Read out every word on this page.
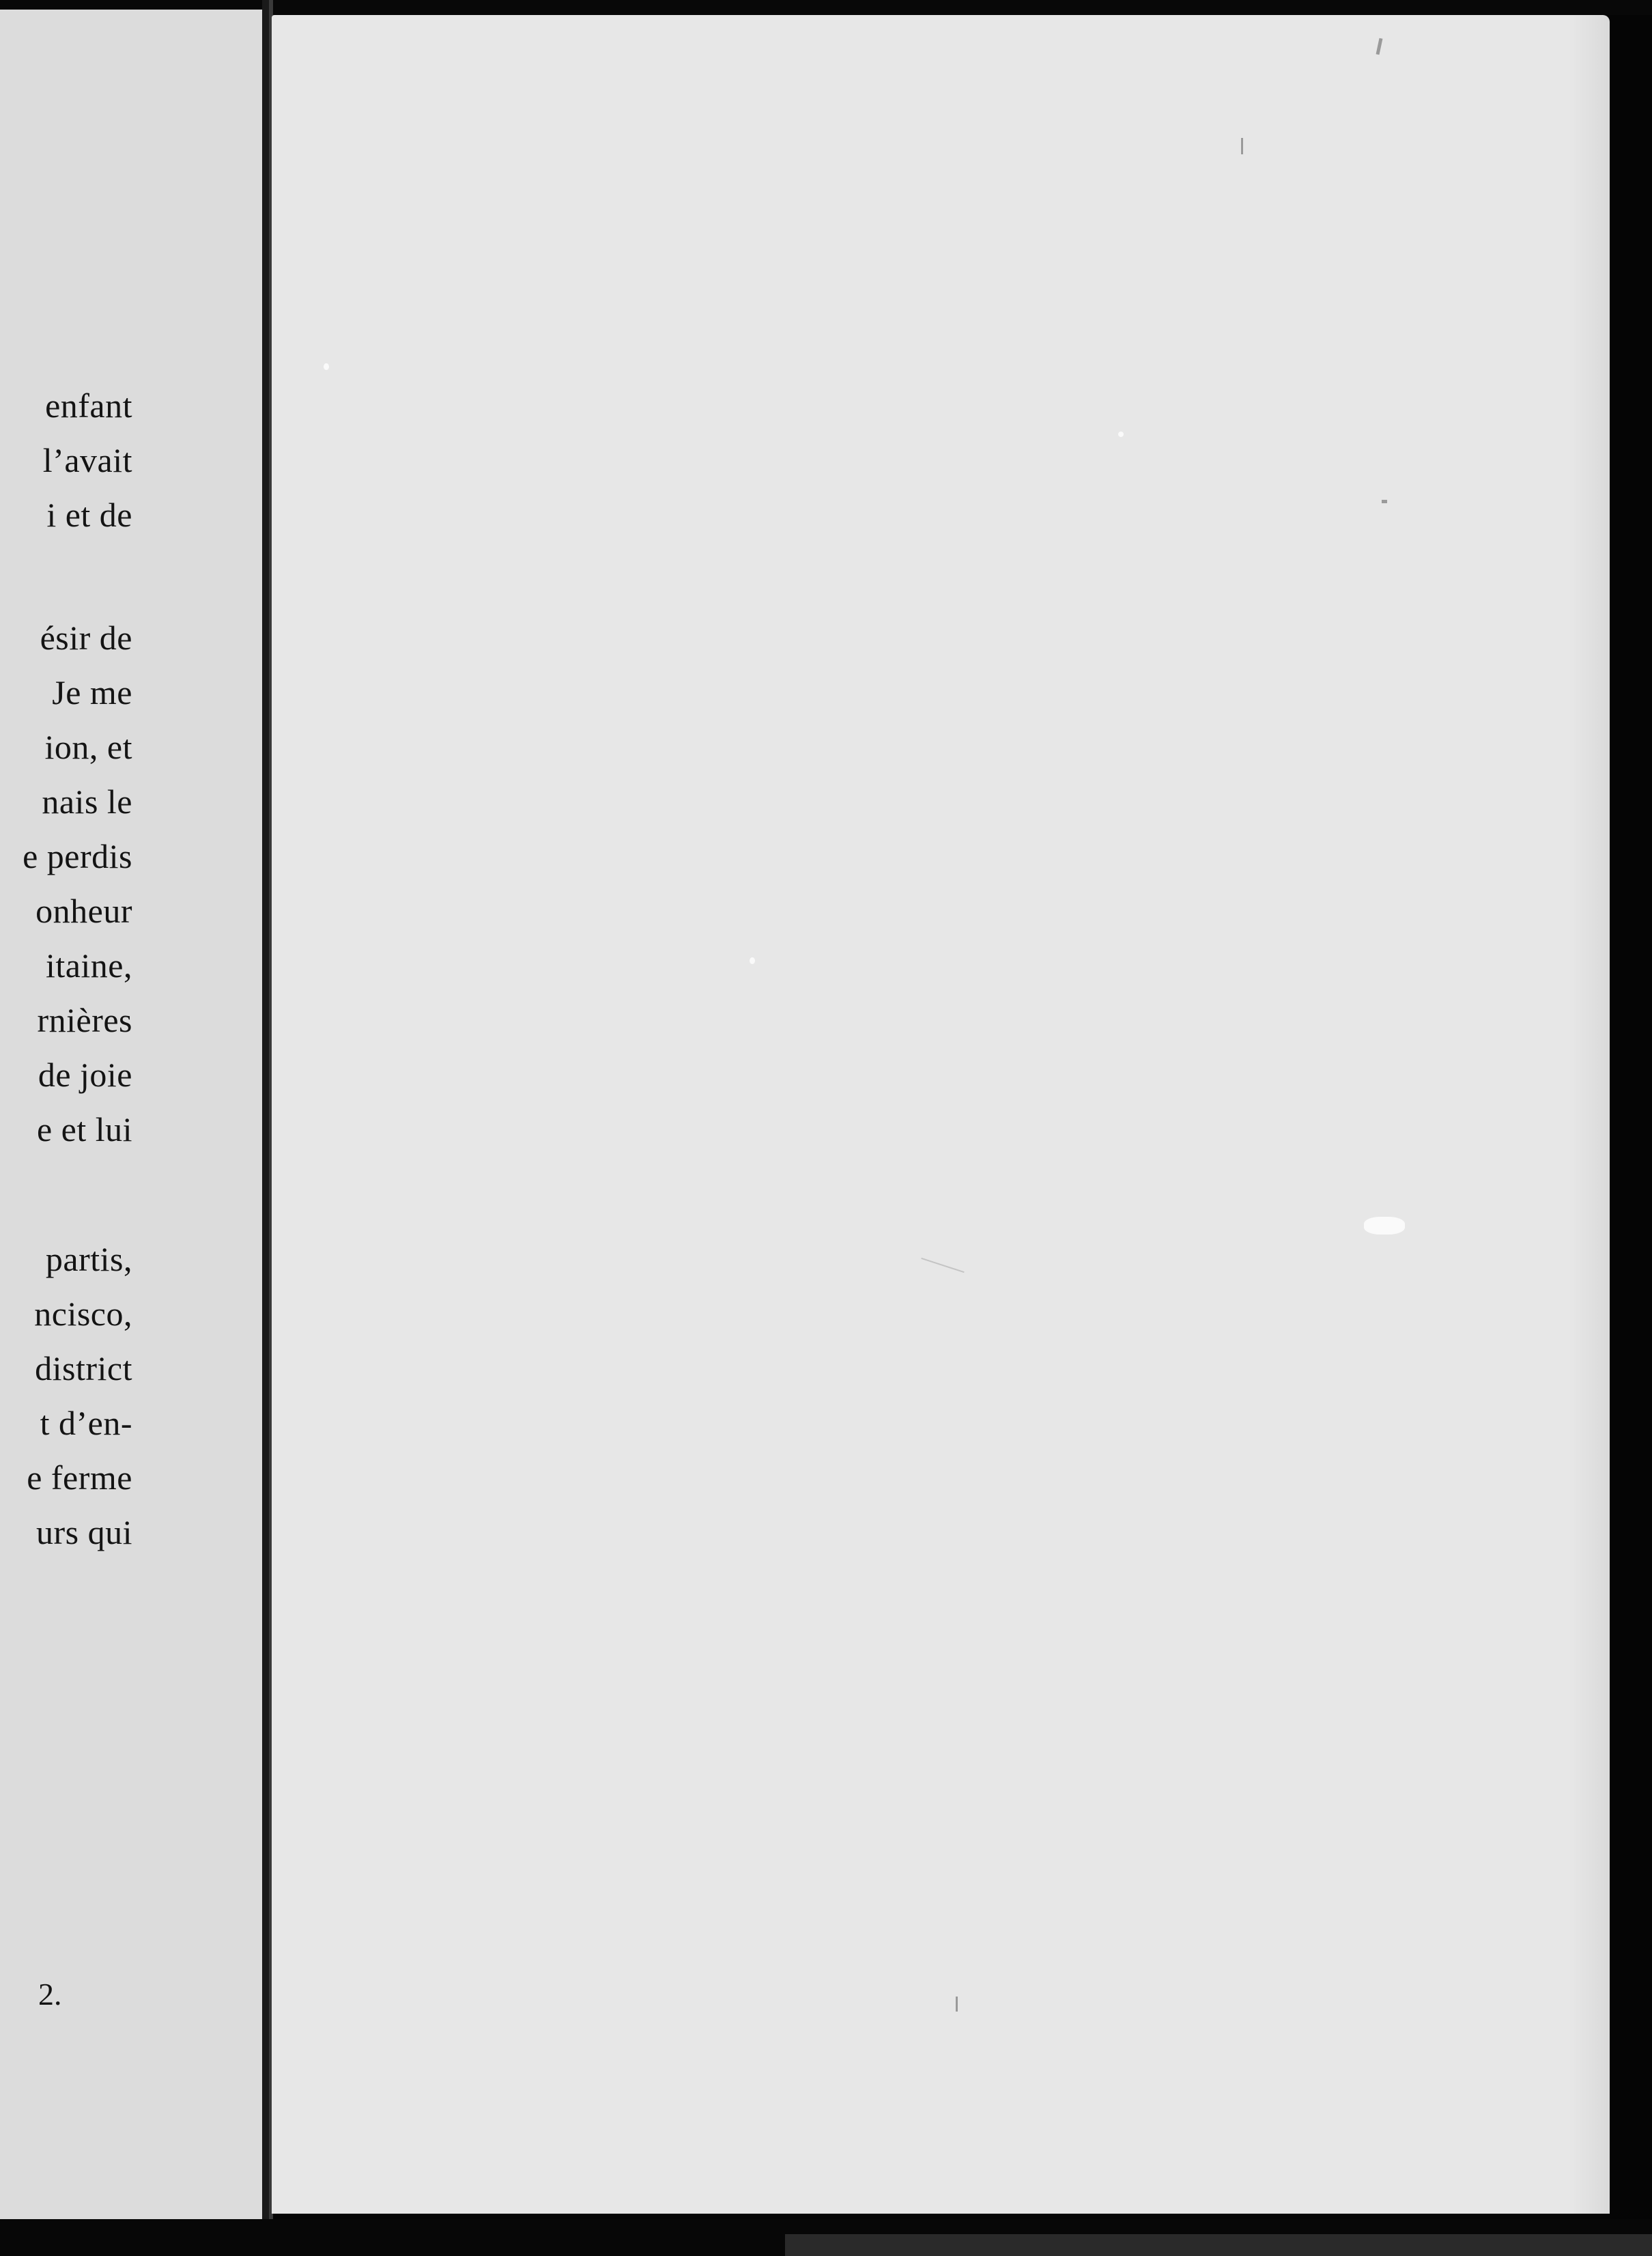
enfant
l’avait
i et de
ésir de
Je me
ion, et
nais le
e perdis
onheur
itaine,
rnières
de joie
e et lui
partis,
ncisco,
district
t d’en-
e ferme
urs qui
2.
